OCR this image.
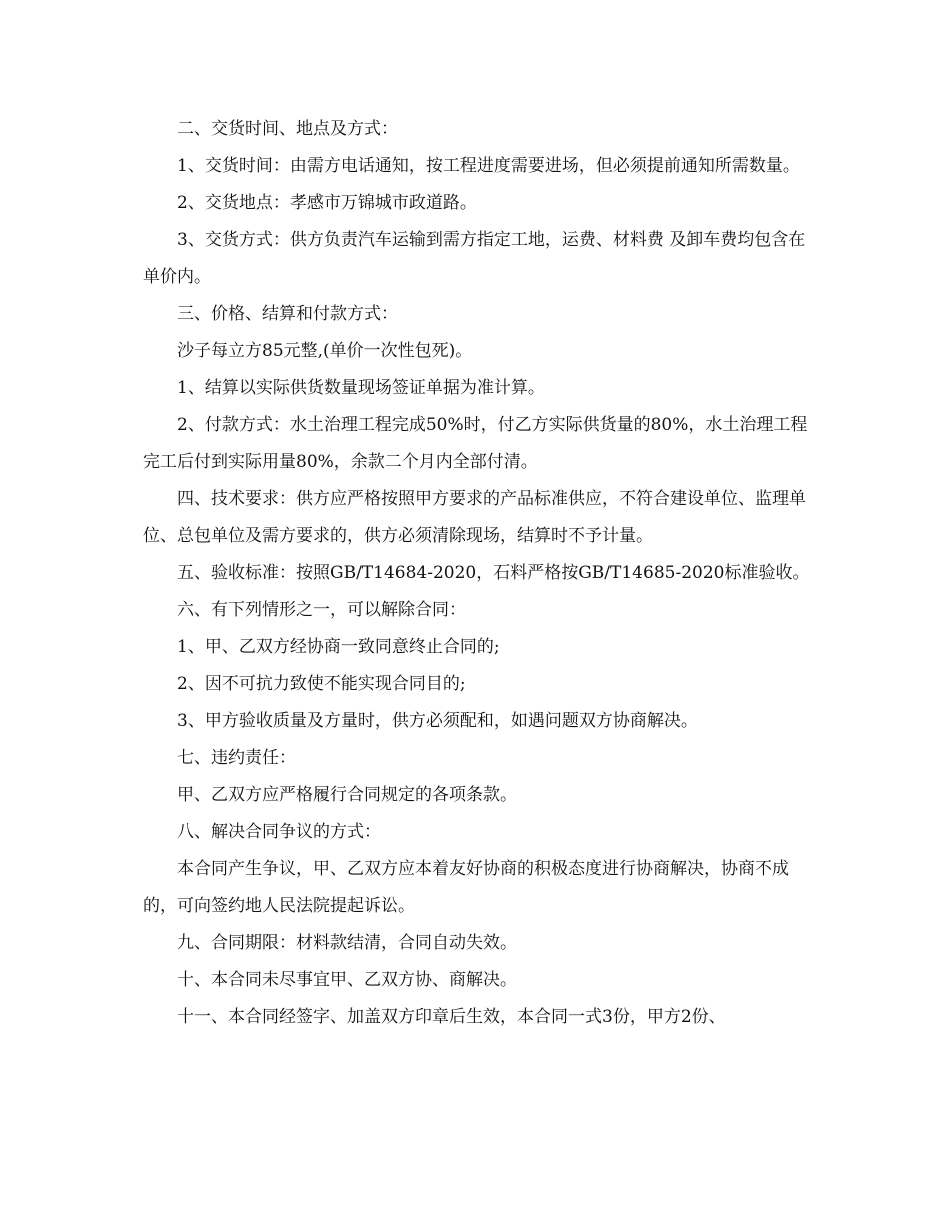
二、交货时间、地点及方式：

1、交货时间：由需方电话通知，按工程进度需要进场，但必须提前通知所需数量。

2、交货地点：孝感市万锦城市政道路。

3、交货方式：供方负责汽车运输到需方指定工地，运费、材料费 及卸车费均包含在单价内。

三、价格、结算和付款方式：

沙子每立方85元整,(单价一次性包死)。

1、结算以实际供货数量现场签证单据为准计算。

2、付款方式：水土治理工程完成50%时，付乙方实际供货量的80%，水土治理工程完工后付到实际用量80%，余款二个月内全部付清。

四、技术要求：供方应严格按照甲方要求的产品标准供应，不符合建设单位、监理单位、总包单位及需方要求的，供方必须清除现场，结算时不予计量。

五、验收标准：按照GB/T14684-2020，石料严格按GB/T14685-2020标准验收。

六、有下列情形之一，可以解除合同：

1、甲、乙双方经协商一致同意终止合同的;

2、因不可抗力致使不能实现合同目的;

3、甲方验收质量及方量时，供方必须配和，如遇问题双方协商解决。

七、违约责任：

甲、乙双方应严格履行合同规定的各项条款。

八、解决合同争议的方式：

本合同产生争议，甲、乙双方应本着友好协商的积极态度进行协商解决，协商不成的，可向签约地人民法院提起诉讼。

九、合同期限：材料款结清，合同自动失效。

十、本合同未尽事宜甲、乙双方协、商解决。

十一、本合同经签字、加盖双方印章后生效，本合同一式3份，甲方2份、
